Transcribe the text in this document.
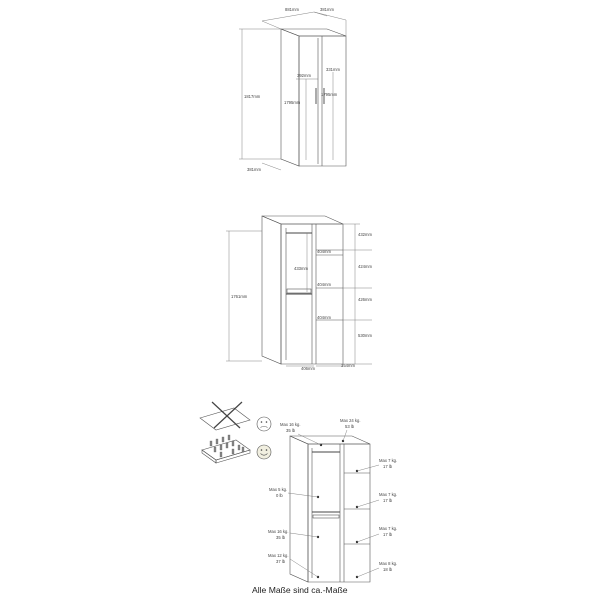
881mm	381mm
1817mm
381mm
392mm
331mm
1795mm
1795mm
1761mm
433mm
404mm
404mm
404mm
432mm
424mm
426mm
530mm
406mm
354mm
Max 16 kg.
35 lb
Max 24 kg.
53 lb
Max 7 kg.
17 lb
Max 5 kg.
0 lb	Max 7 kg.
17 lb
Max 16 kg.
35 lb
Max 7 kg.
17 lb
Max 12 kg.
37 lb	Max 8 kg.
18 lb
Alle Maße sind ca.-Maße
